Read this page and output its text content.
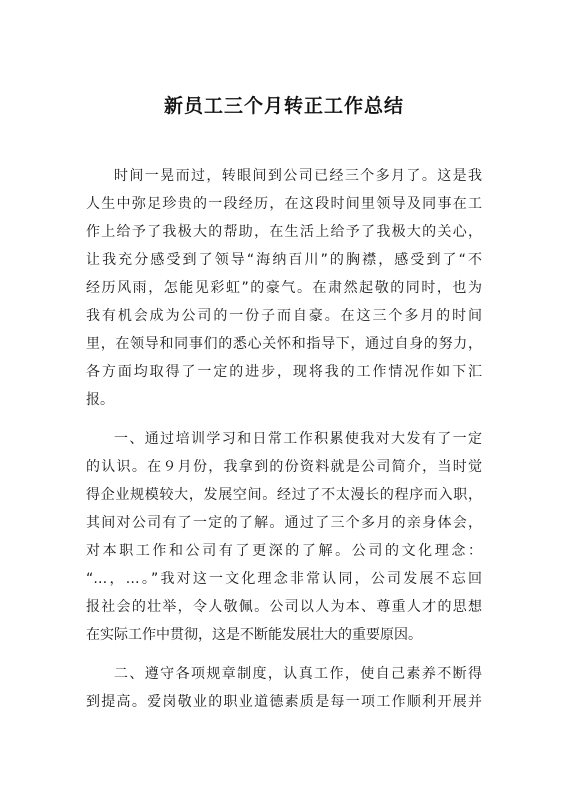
新员工三个月转正工作总结
时间一晃而过，转眼间到公司已经三个多月了。这是我
人生中弥足珍贵的一段经历，在这段时间里领导及同事在工
作上给予了我极大的帮助，在生活上给予了我极大的关心，
让我充分感受到了领导“海纳百川”的胸襟，感受到了“不
经历风雨，怎能见彩虹”的豪气。在肃然起敬的同时，也为
我有机会成为公司的一份子而自豪。在这三个多月的时间
里，在领导和同事们的悉心关怀和指导下，通过自身的努力，
各方面均取得了一定的进步，现将我的工作情况作如下汇
报。
一、通过培训学习和日常工作积累使我对大发有了一定
的认识。在９月份，我拿到的份资料就是公司简介，当时觉
得企业规模较大，发展空间。经过了不太漫长的程序而入职，
其间对公司有了一定的了解。通过了三个多月的亲身体会，
对本职工作和公司有了更深的了解。公司的文化理念：
“…，…。”我对这一文化理念非常认同，公司发展不忘回
报社会的壮举，令人敬佩。公司以人为本、尊重人才的思想
在实际工作中贯彻，这是不断能发展壮大的重要原因。
二、遵守各项规章制度，认真工作，使自己素养不断得
到提高。爱岗敬业的职业道德素质是每一项工作顺利开展并
